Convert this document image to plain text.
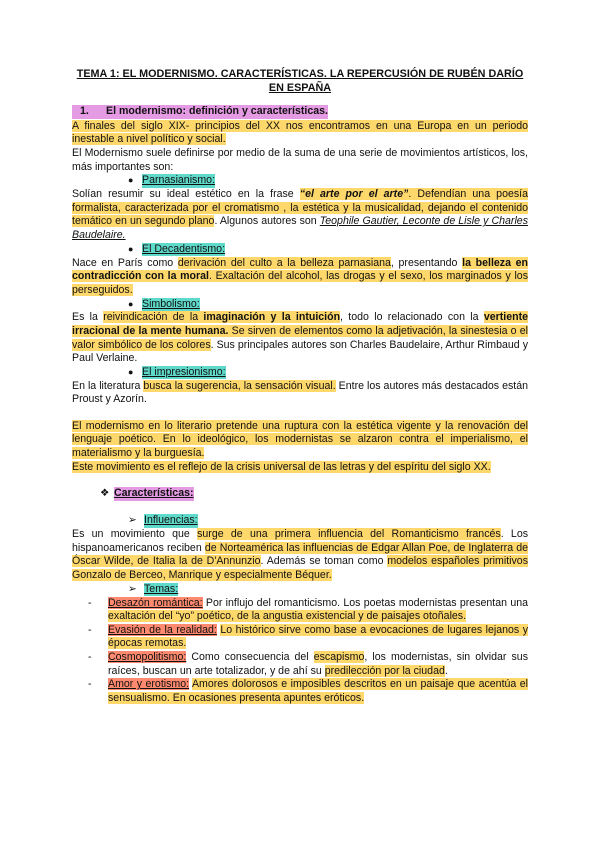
TEMA 1: EL MODERNISMO. CARACTERÍSTICAS. LA REPERCUSIÓN DE RUBÉN DARÍO EN ESPAÑA
1.	El modernismo: definición y características.

A finales del siglo XIX- principios del XX nos encontramos en una Europa en un periodo inestable a nivel político y social.

El Modernismo suele definirse por medio de la suma de una serie de movimientos artísticos, los, más importantes son:

● Parnasianismo:

Solían resumir su ideal estético en la frase “el arte por el arte”. Defendían una poesía formalista, caracterizada por el cromatismo , la estética y la musicalidad, dejando el contenido temático en un segundo plano. Algunos autores son Teophile Gautier, Leconte de Lisle y Charles Baudelaire.

● El Decadentismo:

Nace en París como derivación del culto a la belleza parnasiana, presentando la belleza en contradicción con la moral. Exaltación del alcohol, las drogas y el sexo, los marginados y los perseguidos.

● Simbolismo:

Es la reivindicación de la imaginación y la intuición, todo lo relacionado con la vertiente irracional de la mente humana. Se sirven de elementos como la adjetivación, la sinestesia o el valor simbólico de los colores. Sus principales autores son Charles Baudelaire, Arthur Rimbaud y Paul Verlaine.

● El impresionismo:

En la literatura busca la sugerencia, la sensación visual. Entre los autores más destacados están Proust y Azorín.

El modernismo en lo literario pretende una ruptura con la estética vigente y la renovación del lenguaje poético. En lo ideológico, los modernistas se alzaron contra el imperialismo, el materialismo y la burguesía.

Este movimiento es el reflejo de la crisis universal de las letras y del espíritu del siglo XX.

❖ Características:
➢ Influencias:

Es un movimiento que surge de una primera influencia del Romanticismo francés. Los hispanoamericanos reciben de Norteamérica las influencias de Edgar Allan Poe, de Inglaterra de Óscar Wilde, de Italia la de D'Annunzio. Además se toman como modelos españoles primitivos Gonzalo de Berceo, Manrique y especialmente Béquer.

➢ Temas:
-	Desazón romántica: Por influjo del romanticismo. Los poetas modernistas presentan una exaltación del “yo” poético, de la angustia existencial y de paisajes otoñales.
-	Evasión de la realidad: Lo histórico sirve como base a evocaciones de lugares lejanos y épocas remotas.
-	Cosmopolitismo: Como consecuencia del escapismo, los modernistas, sin olvidar sus raíces, buscan un arte totalizador, y de ahí su predilección por la ciudad.
-	Amor y erotismo: Amores dolorosos e imposibles descritos en un paisaje que acentúa el sensualismo. En ocasiones presenta apuntes eróticos.
